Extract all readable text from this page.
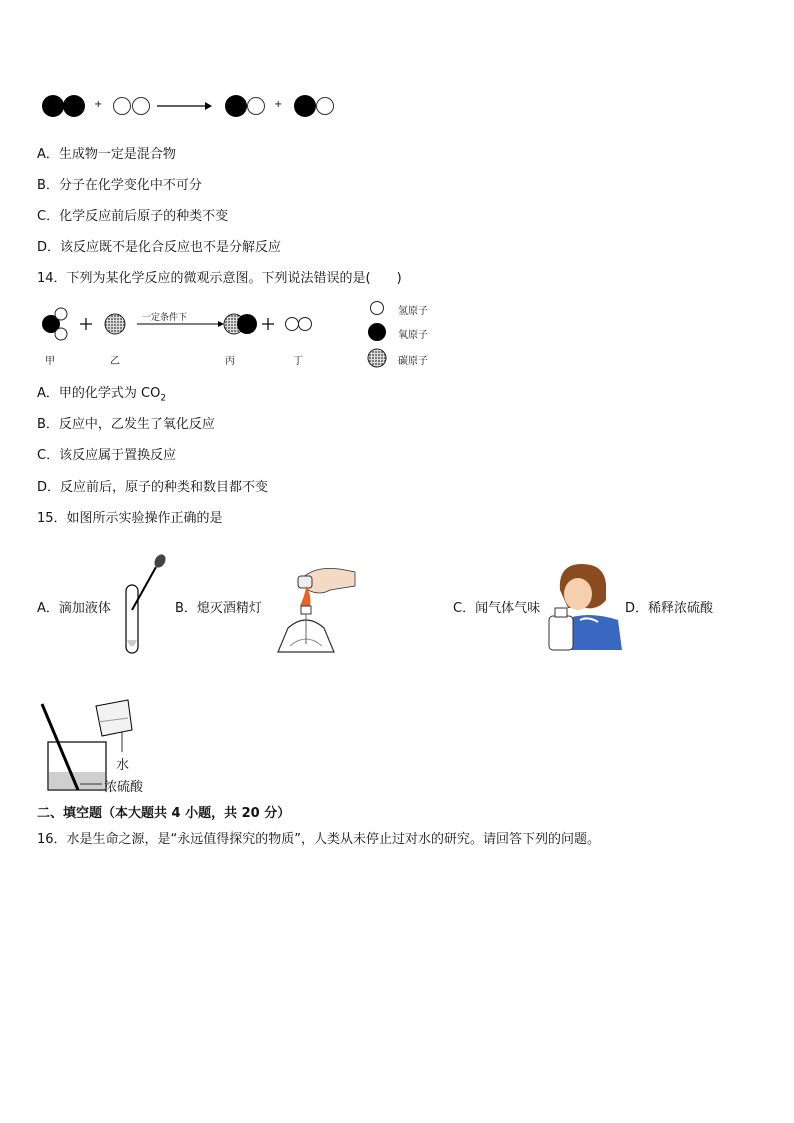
+	+
A．生成物一定是混合物
B．分子在化学变化中不可分
C．化学反应前后原子的种类不变
D．该反应既不是化合反应也不是分解反应
14．下列为某化学反应的微观示意图。下列说法错误的是(　　)
一定条件下
甲	乙	丙	丁
氢原子
氧原子
碳原子
A．甲的化学式为 $CO_2$
B．反应中，乙发生了氧化反应
C．该反应属于置换反应
D．反应前后，原子的种类和数目都不变
15．如图所示实验操作正确的是
A．滴加液体	B．熄灭酒精灯	C．闻气体气味	D．稀释浓硫酸
水
浓硫酸
二、填空题（本大题共 4 小题，共 20 分）
16．水是生命之源，是“永远值得探究的物质”，人类从未停止过对水的研究。请回答下列的问题。
